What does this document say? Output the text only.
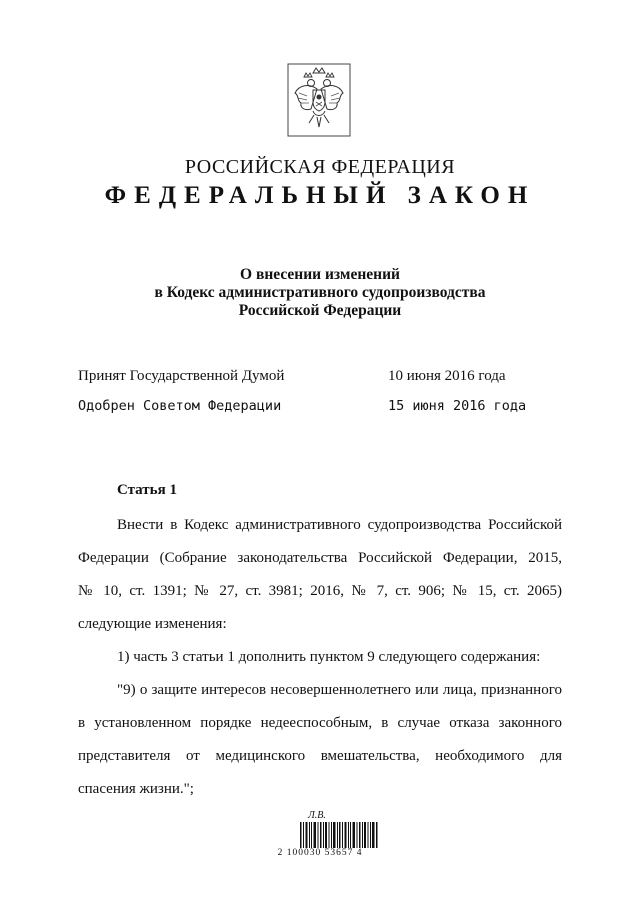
РОССИЙСКАЯ ФЕДЕРАЦИЯ
ФЕДЕРАЛЬНЫЙ ЗАКОН
О внесении изменений
в Кодекс административного судопроизводства
Российской Федерации
Принят Государственной Думой	10 июня 2016 года
Одобрен Советом Федерации	15 июня 2016 года
Статья 1
Внести в Кодекс административного судопроизводства Российской
Федерации (Собрание законодательства Российской Федерации, 2015,
№ 10, ст. 1391; № 27, ст. 3981; 2016, № 7, ст. 906; № 15, ст. 2065)
следующие изменения:
1) часть 3 статьи 1 дополнить пунктом 9 следующего содержания:
"9) о защите интересов несовершеннолетнего или лица, признанного
в установленном порядке недееспособным, в случае отказа законного
представителя от медицинского вмешательства, необходимого для
спасения жизни.";
Л.В.
2 100030 53657 4
